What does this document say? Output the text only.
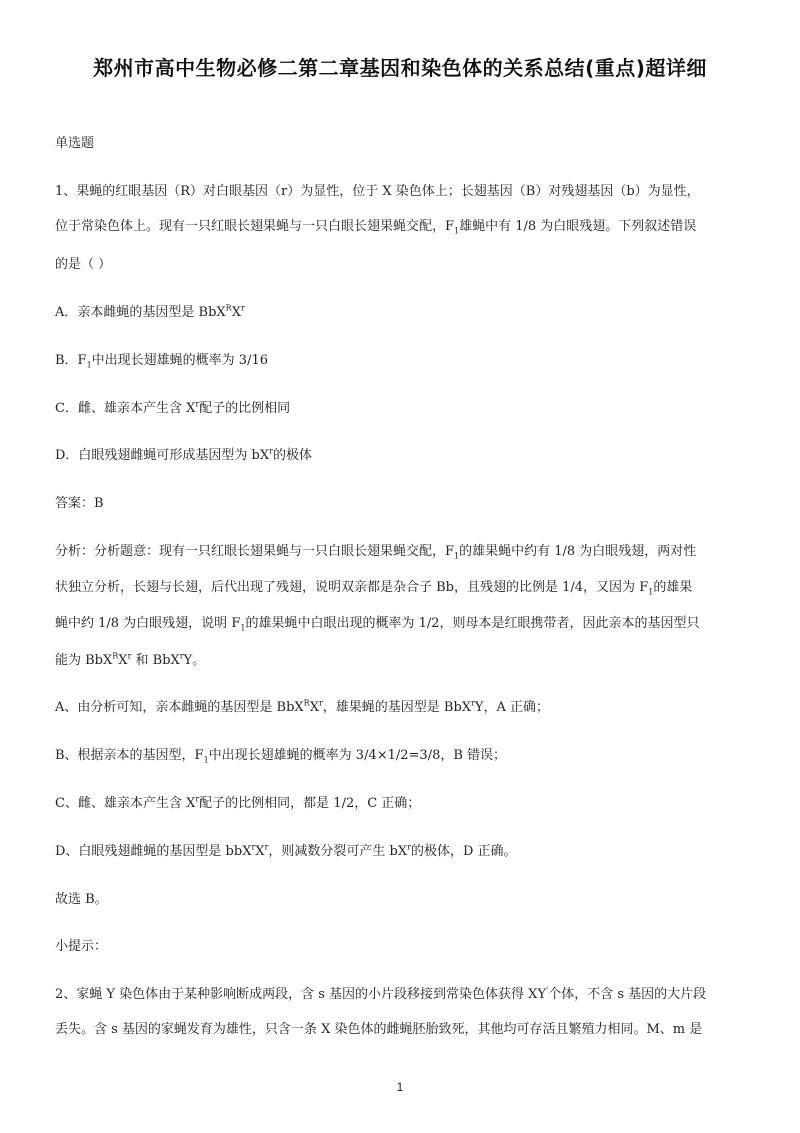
郑州市高中生物必修二第二章基因和染色体的关系总结(重点)超详细
单选题
1、果蝇的红眼基因（R）对白眼基因（r）为显性，位于 X 染色体上；长翅基因（B）对残翅基因（b）为显性，
位于常染色体上。现有一只红眼长翅果蝇与一只白眼长翅果蝇交配，$F_1$雄蝇中有 1/8 为白眼残翅。下列叙述错误
的是（ ）
A．亲本雌蝇的基因型是 $BbX^RX^r$
B．$F_1$中出现长翅雄蝇的概率为 3/16
C．雌、雄亲本产生含 $X^r$配子的比例相同
D．白眼残翅雌蝇可形成基因型为 $bX^r$的极体
答案：B
分析：分析题意：现有一只红眼长翅果蝇与一只白眼长翅果蝇交配，$F_1$的雄果蝇中约有 1/8 为白眼残翅，两对性
状独立分析，长翅与长翅，后代出现了残翅，说明双亲都是杂合子 Bb，且残翅的比例是 1/4，又因为 $F_1$的雄果
蝇中约 1/8 为白眼残翅，说明 $F_1$的雄果蝇中白眼出现的概率为 1/2，则母本是红眼携带者，因此亲本的基因型只
能为 $BbX^RX^r$ 和 BbX$^r$Y。
A、由分析可知，亲本雌蝇的基因型是 $BbX^RX^r$，雄果蝇的基因型是 BbX$^r$Y，A 正确；
B、根据亲本的基因型，$F_1$中出现长翅雄蝇的概率为 3/4×1/2=3/8，B 错误；
C、雌、雄亲本产生含 $X^r$配子的比例相同，都是 1/2，C 正确；
D、白眼残翅雌蝇的基因型是 $bbX^rX^r$，则减数分裂可产生 $bX^r$的极体，D 正确。
故选 B。
小提示：
2、家蝇 Y 染色体由于某种影响断成两段，含 s 基因的小片段移接到常染色体获得 XY'个体，不含 s 基因的大片段
丢失。含 s 基因的家蝇发育为雄性，只含一条 X 染色体的雌蝇胚胎致死，其他均可存活且繁殖力相同。M、m 是
1
